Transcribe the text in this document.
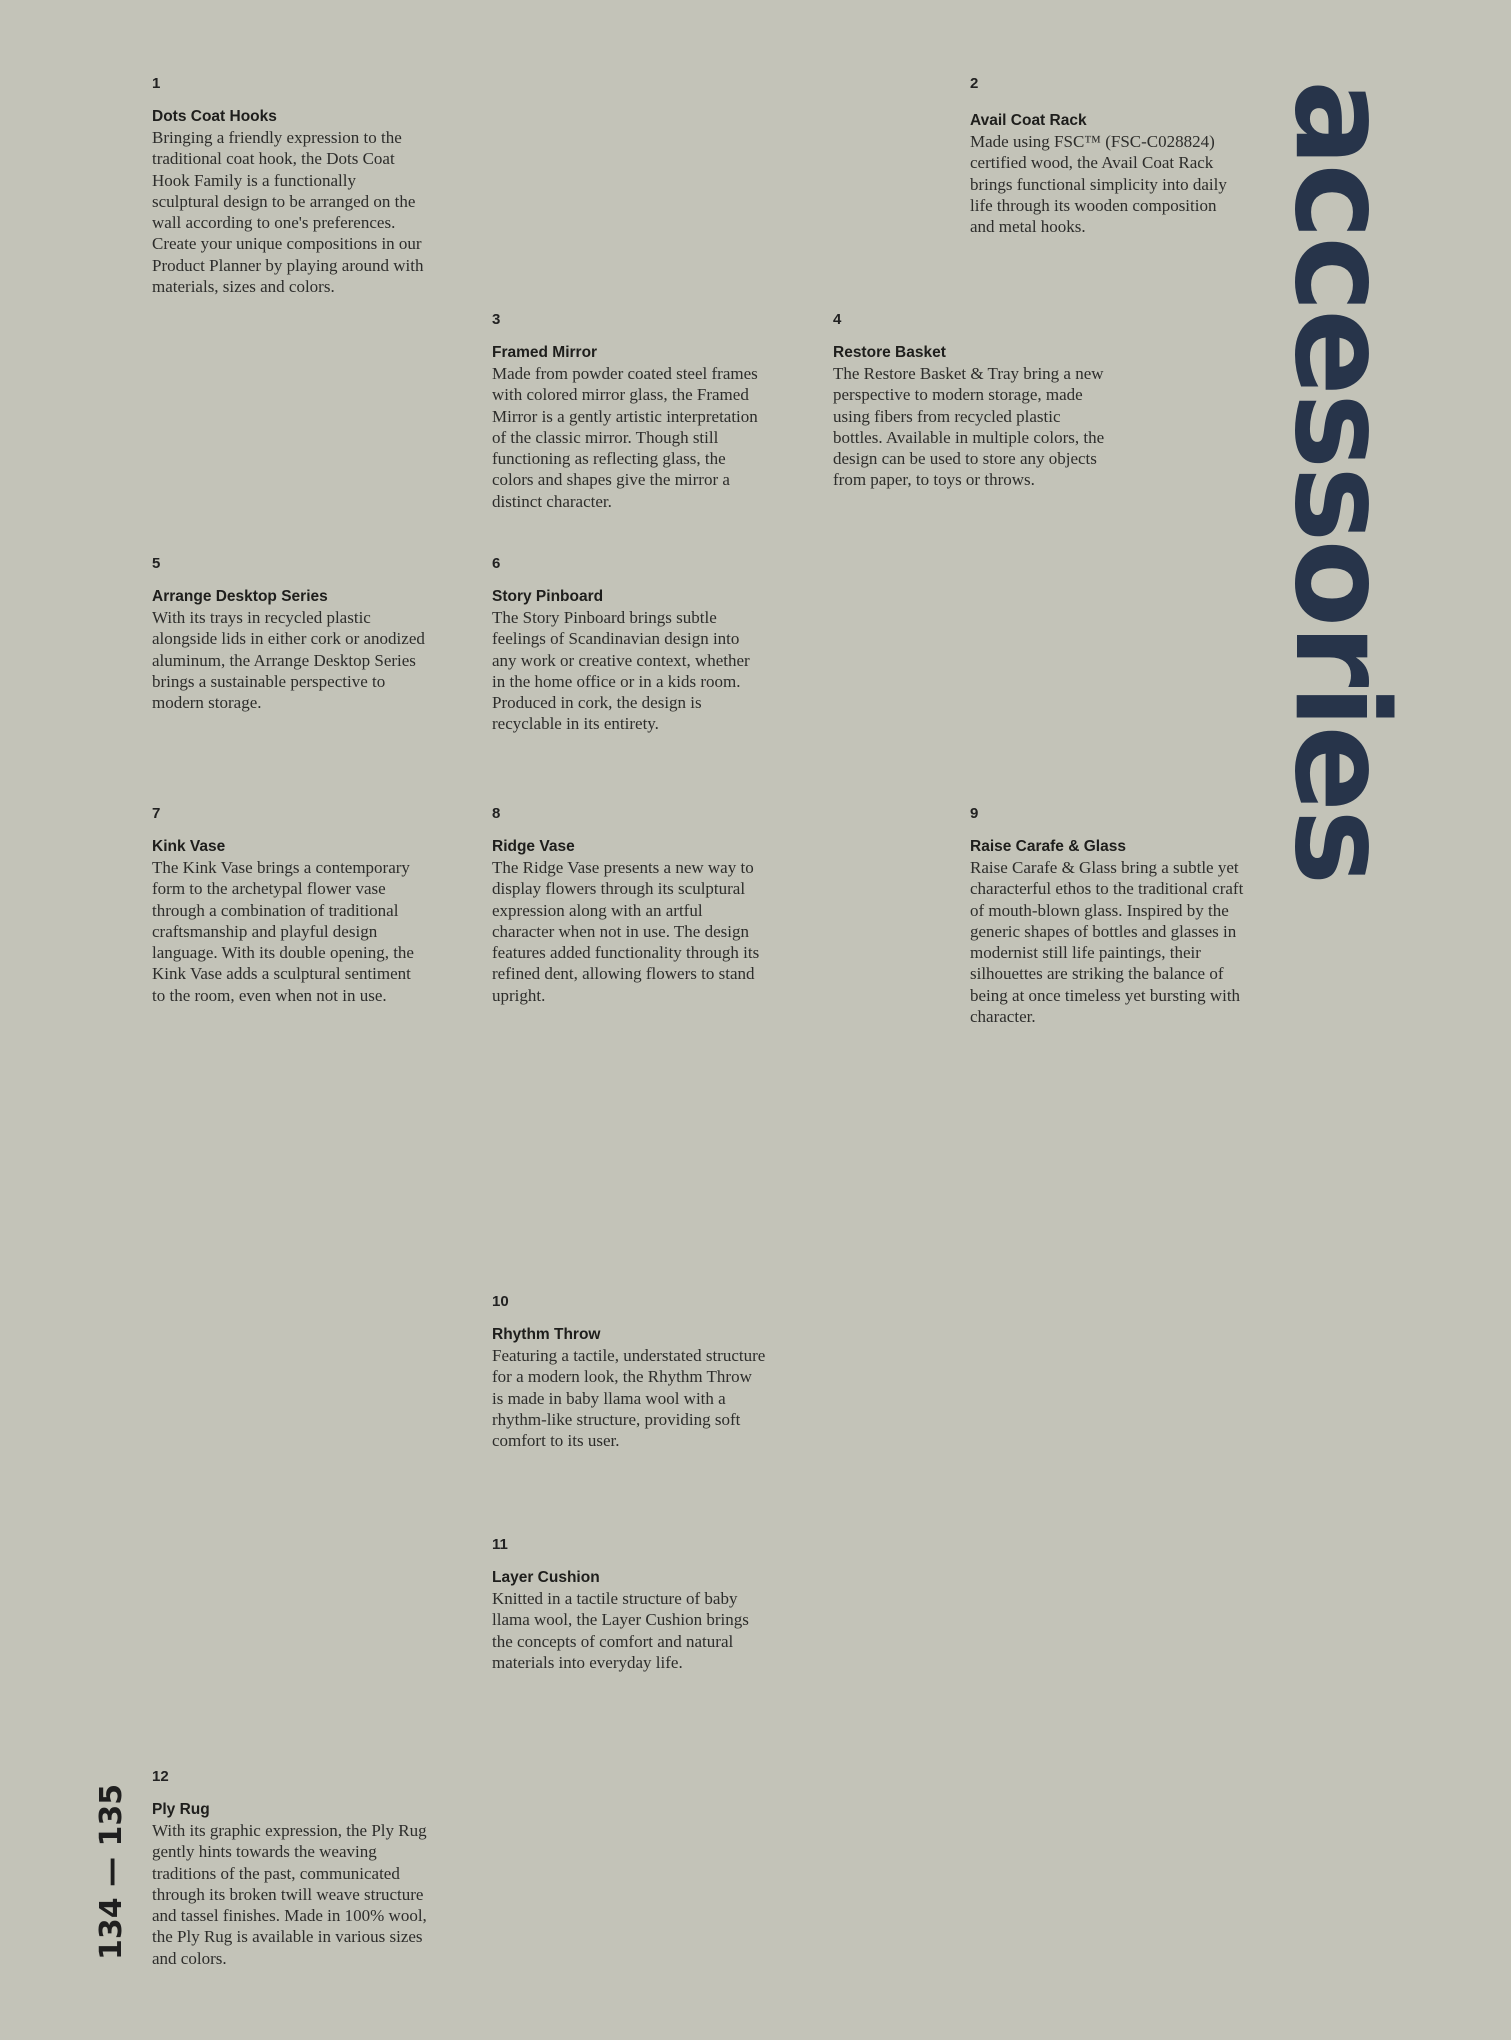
accessories
134 — 135

1

Dots Coat Hooks

Bringing a friendly expression to the traditional coat hook, the Dots Coat Hook Family is a functionally sculptural design to be arranged on the wall according to one's preferences. Create your unique compositions in our Product Planner by playing around with materials, sizes and colors.

2

Avail Coat Rack

Made using FSC™ (FSC-C028824) certified wood, the Avail Coat Rack brings functional simplicity into daily life through its wooden composition and metal hooks.

3

Framed Mirror

Made from powder coated steel frames with colored mirror glass, the Framed Mirror is a gently artistic interpretation of the classic mirror. Though still functioning as reflecting glass, the colors and shapes give the mirror a distinct character.

4

Restore Basket

The Restore Basket & Tray bring a new perspective to modern storage, made using fibers from recycled plastic bottles. Available in multiple colors, the design can be used to store any objects from paper, to toys or throws.

5

Arrange Desktop Series

With its trays in recycled plastic alongside lids in either cork or anodized aluminum, the Arrange Desktop Series brings a sustainable perspective to modern storage.

6

Story Pinboard

The Story Pinboard brings subtle feelings of Scandinavian design into any work or creative context, whether in the home office or in a kids room. Produced in cork, the design is recyclable in its entirety.

7

Kink Vase

The Kink Vase brings a contemporary form to the archetypal flower vase through a combination of traditional craftsmanship and playful design language. With its double opening, the Kink Vase adds a sculptural sentiment to the room, even when not in use.

8

Ridge Vase

The Ridge Vase presents a new way to display flowers through its sculptural expression along with an artful character when not in use. The design features added functionality through its refined dent, allowing flowers to stand upright.

9

Raise Carafe & Glass

Raise Carafe & Glass bring a subtle yet characterful ethos to the traditional craft of mouth-blown glass. Inspired by the generic shapes of bottles and glasses in modernist still life paintings, their silhouettes are striking the balance of being at once timeless yet bursting with character.

10

Rhythm Throw

Featuring a tactile, understated structure for a modern look, the Rhythm Throw is made in baby llama wool with a rhythm-like structure, providing soft comfort to its user.

11

Layer Cushion

Knitted in a tactile structure of baby llama wool, the Layer Cushion brings the concepts of comfort and natural materials into everyday life.

12

Ply Rug

With its graphic expression, the Ply Rug gently hints towards the weaving traditions of the past, communicated through its broken twill weave structure and tassel finishes. Made in 100% wool, the Ply Rug is available in various sizes and colors.
